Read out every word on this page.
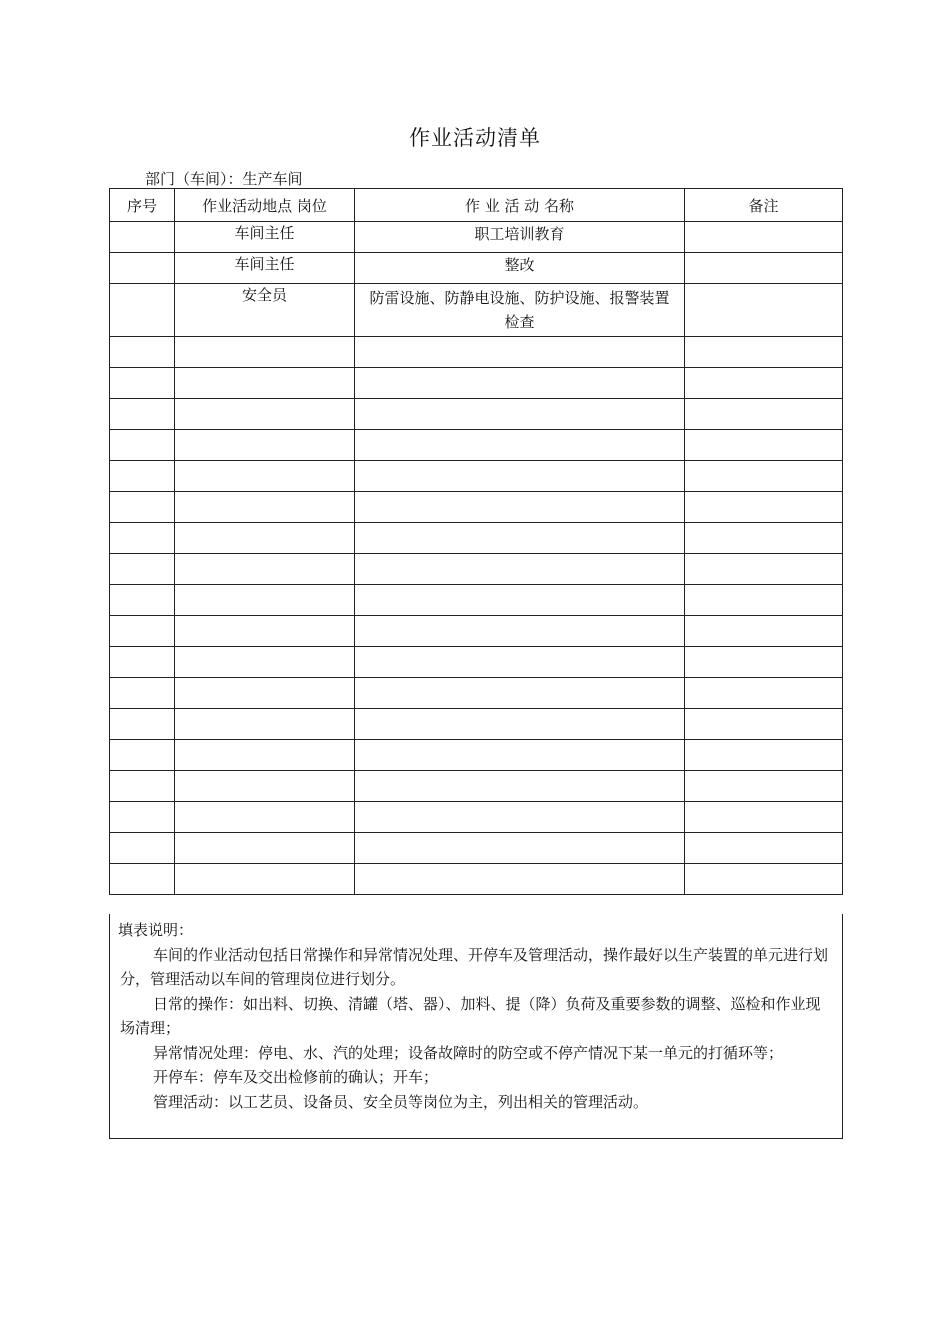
作业活动清单
部门（车间）：生产车间
序号	作业活动地点 岗位	作 业 活 动 名称	备注
	车间主任	职工培训教育	
	车间主任	整改	
	安全员	防雷设施、防静电设施、防护设施、报警装置检查	

填表说明：

车间的作业活动包括日常操作和异常情况处理、开停车及管理活动，操作最好以生产装置的单元进行划分，管理活动以车间的管理岗位进行划分。

日常的操作：如出料、切换、清罐（塔、器）、加料、提（降）负荷及重要参数的调整、巡检和作业现场清理；

异常情况处理：停电、水、汽的处理；设备故障时的防空或不停产情况下某一单元的打循环等；

开停车：停车及交出检修前的确认；开车；

管理活动：以工艺员、设备员、安全员等岗位为主，列出相关的管理活动。
